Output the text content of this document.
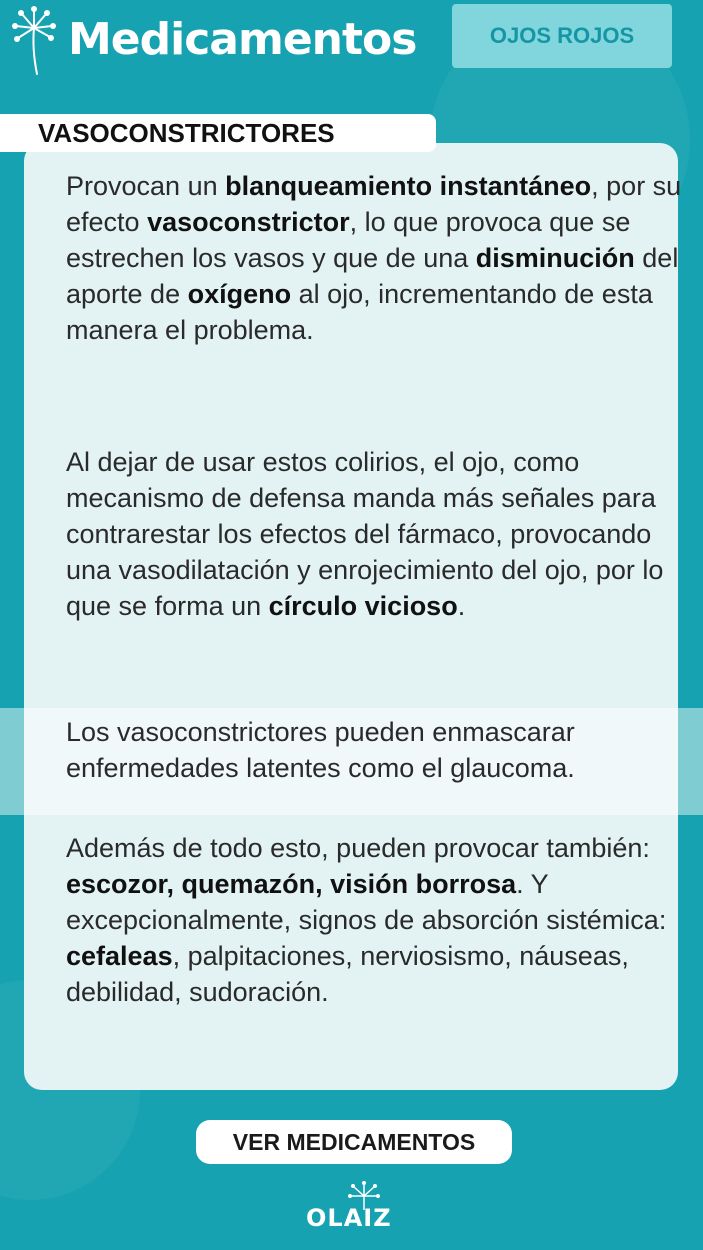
Medicamentos	OJOS ROJOS
VASOCONSTRICTORES

Provocan un blanqueamiento instantáneo, por su efecto vasoconstrictor, lo que provoca que se estrechen los vasos y que de una disminución del aporte de oxígeno al ojo, incrementando de esta manera el problema.

Al dejar de usar estos colirios, el ojo, como mecanismo de defensa manda más señales para contrarestar los efectos del fármaco, provocando una vasodilatación y enrojecimiento del ojo, por lo que se forma un círculo vicioso.

Los vasoconstrictores pueden enmascarar enfermedades latentes como el glaucoma.

Además de todo esto, pueden provocar también: escozor, quemazón, visión borrosa. Y excepcionalmente, signos de absorción sistémica: cefaleas, palpitaciones, nerviosismo, náuseas, debilidad, sudoración.

VER MEDICAMENTOS
OLAIZ
